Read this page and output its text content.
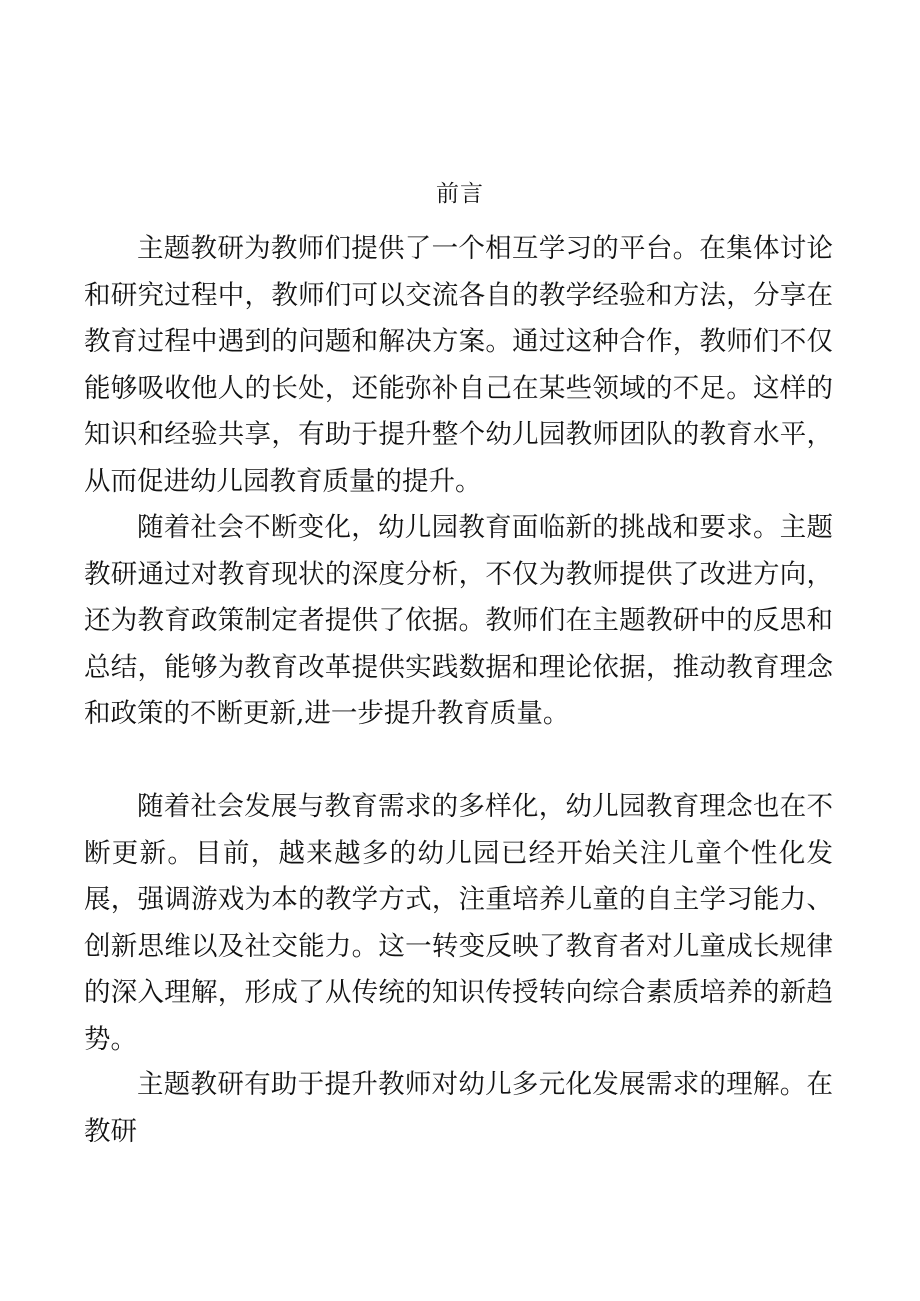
前言

主题教研为教师们提供了一个相互学习的平台。在集体讨论和研究过程中，教师们可以交流各自的教学经验和方法，分享在教育过程中遇到的问题和解决方案。通过这种合作，教师们不仅能够吸收他人的长处，还能弥补自己在某些领域的不足。这样的知识和经验共享，有助于提升整个幼儿园教师团队的教育水平，从而促进幼儿园教育质量的提升。

随着社会不断变化，幼儿园教育面临新的挑战和要求。主题教研通过对教育现状的深度分析，不仅为教师提供了改进方向，还为教育政策制定者提供了依据。教师们在主题教研中的反思和总结，能够为教育改革提供实践数据和理论依据，推动教育理念和政策的不断更新,进一步提升教育质量。

随着社会发展与教育需求的多样化，幼儿园教育理念也在不断更新。目前，越来越多的幼儿园已经开始关注儿童个性化发展，强调游戏为本的教学方式，注重培养儿童的自主学习能力、创新思维以及社交能力。这一转变反映了教育者对儿童成长规律的深入理解，形成了从传统的知识传授转向综合素质培养的新趋势。

主题教研有助于提升教师对幼儿多元化发展需求的理解。在教研
